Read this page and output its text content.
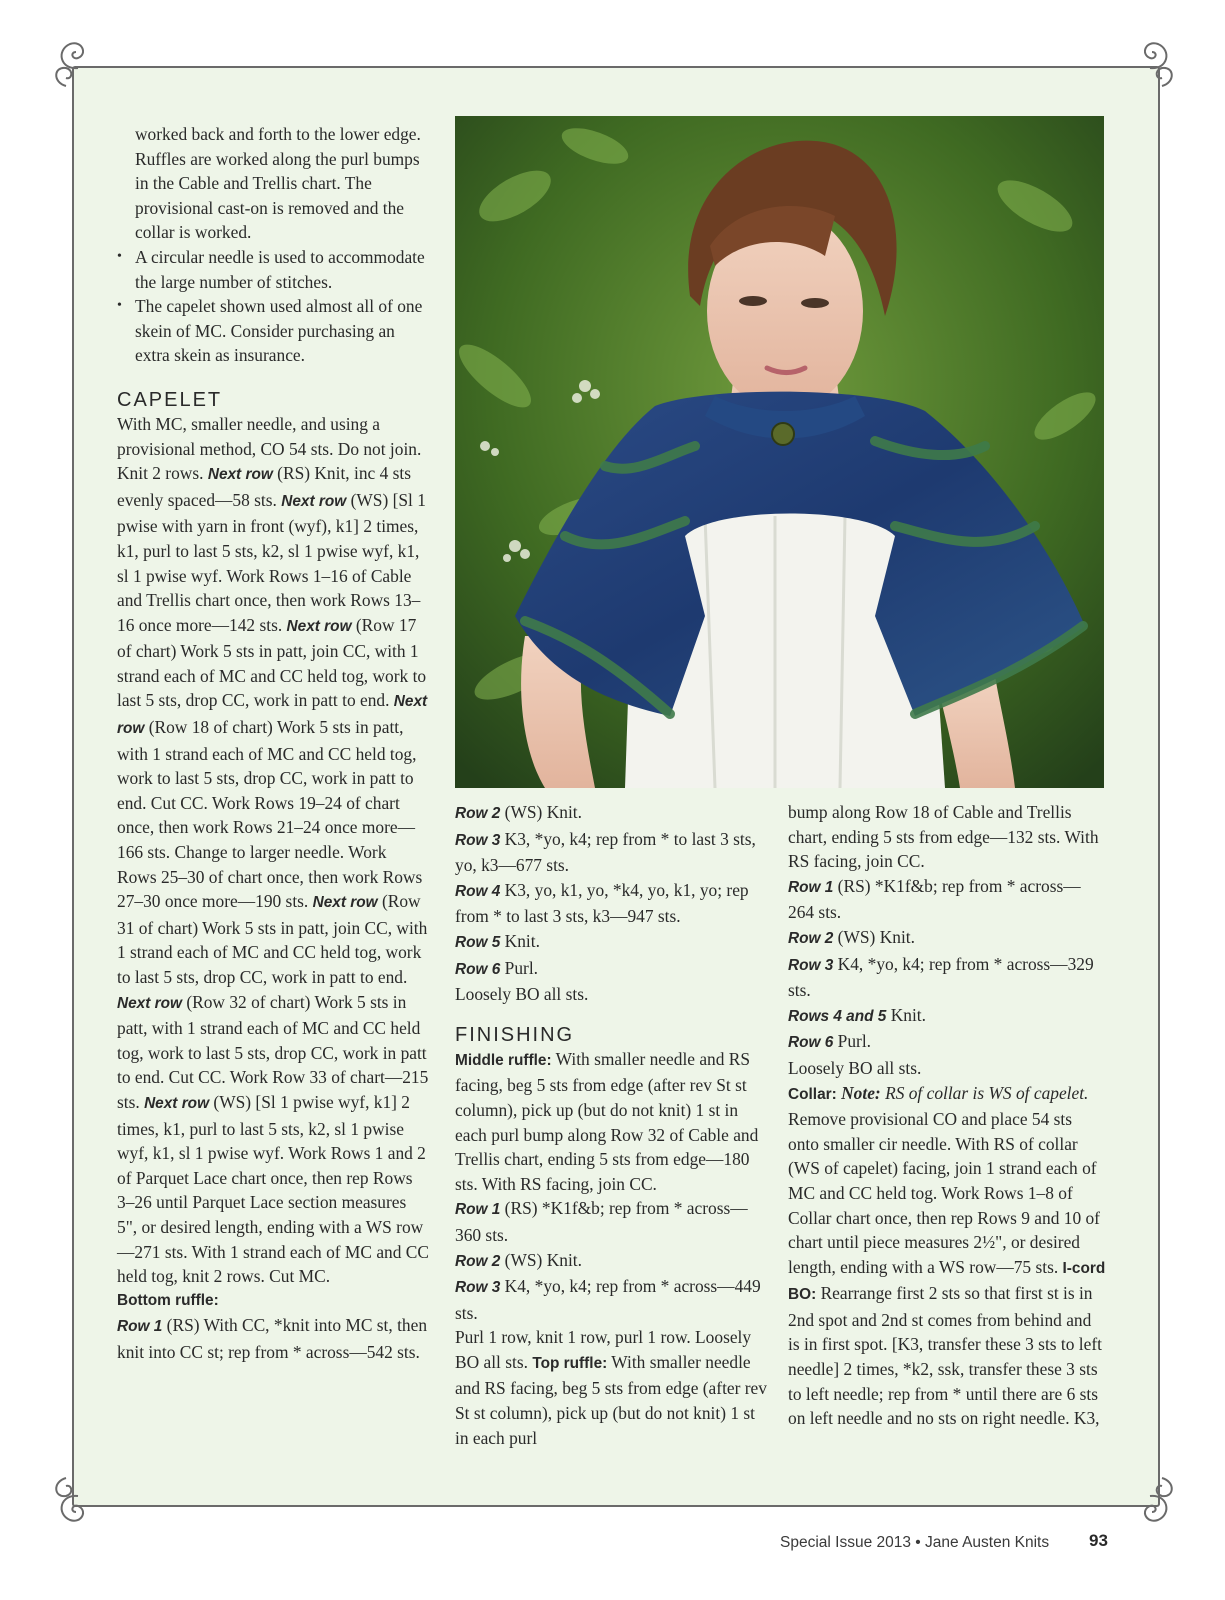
worked back and forth to the lower edge. Ruffles are worked along the purl bumps in the Cable and Trellis chart. The provisional cast-on is removed and the collar is worked.

• A circular needle is used to accommodate the large number of stitches.

• The capelet shown used almost all of one skein of MC. Consider purchasing an extra skein as insurance.

CAPELET

With MC, smaller needle, and using a provisional method, CO 54 sts. Do not join. Knit 2 rows. Next row (RS) Knit, inc 4 sts evenly spaced—58 sts. Next row (WS) [Sl 1 pwise with yarn in front (wyf), k1] 2 times, k1, purl to last 5 sts, k2, sl 1 pwise wyf, k1, sl 1 pwise wyf. Work Rows 1–16 of Cable and Trellis chart once, then work Rows 13–16 once more—142 sts. Next row (Row 17 of chart) Work 5 sts in patt, join CC, with 1 strand each of MC and CC held tog, work to last 5 sts, drop CC, work in patt to end. Next row (Row 18 of chart) Work 5 sts in patt, with 1 strand each of MC and CC held tog, work to last 5 sts, drop CC, work in patt to end. Cut CC. Work Rows 19–24 of chart once, then work Rows 21–24 once more—166 sts. Change to larger needle. Work Rows 25–30 of chart once, then work Rows 27–30 once more—190 sts. Next row (Row 31 of chart) Work 5 sts in patt, join CC, with 1 strand each of MC and CC held tog, work to last 5 sts, drop CC, work in patt to end. Next row (Row 32 of chart) Work 5 sts in patt, with 1 strand each of MC and CC held tog, work to last 5 sts, drop CC, work in patt to end. Cut CC. Work Row 33 of chart—215 sts. Next row (WS) [Sl 1 pwise wyf, k1] 2 times, k1, purl to last 5 sts, k2, sl 1 pwise wyf, k1, sl 1 pwise wyf. Work Rows 1 and 2 of Parquet Lace chart once, then rep Rows 3–26 until Parquet Lace section measures 5", or desired length, ending with a WS row—271 sts. With 1 strand each of MC and CC held tog, knit 2 rows. Cut MC.

Bottom ruffle:

Row 1 (RS) With CC, *knit into MC st, then knit into CC st; rep from * across—542 sts.

Row 2 (WS) Knit.

Row 3 K3, *yo, k4; rep from * to last 3 sts, yo, k3—677 sts.

Row 4 K3, yo, k1, yo, *k4, yo, k1, yo; rep from * to last 3 sts, k3—947 sts.

Row 5 Knit.

Row 6 Purl.

Loosely BO all sts.

FINISHING

Middle ruffle: With smaller needle and RS facing, beg 5 sts from edge (after rev St st column), pick up (but do not knit) 1 st in each purl bump along Row 32 of Cable and Trellis chart, ending 5 sts from edge—180 sts. With RS facing, join CC.

Row 1 (RS) *K1f&b; rep from * across—360 sts.

Row 2 (WS) Knit.

Row 3 K4, *yo, k4; rep from * across—449 sts.

Purl 1 row, knit 1 row, purl 1 row. Loosely BO all sts. Top ruffle: With smaller needle and RS facing, beg 5 sts from edge (after rev St st column), pick up (but do not knit) 1 st in each purl

bump along Row 18 of Cable and Trellis chart, ending 5 sts from edge—132 sts. With RS facing, join CC.

Row 1 (RS) *K1f&b; rep from * across—264 sts.

Row 2 (WS) Knit.

Row 3 K4, *yo, k4; rep from * across—329 sts.

Rows 4 and 5 Knit.

Row 6 Purl.

Loosely BO all sts.

Collar: Note: RS of collar is WS of capelet. Remove provisional CO and place 54 sts onto smaller cir needle. With RS of collar (WS of capelet) facing, join 1 strand each of MC and CC held tog. Work Rows 1–8 of Collar chart once, then rep Rows 9 and 10 of chart until piece measures 2½", or desired length, ending with a WS row—75 sts. I-cord BO: Rearrange first 2 sts so that first st is in 2nd spot and 2nd st comes from behind and is in first spot. [K3, transfer these 3 sts to left needle] 2 times, *k2, ssk, transfer these 3 sts to left needle; rep from * until there are 6 sts on left needle and no sts on right needle. K3,

Special Issue 2013 • Jane Austen Knits 93
